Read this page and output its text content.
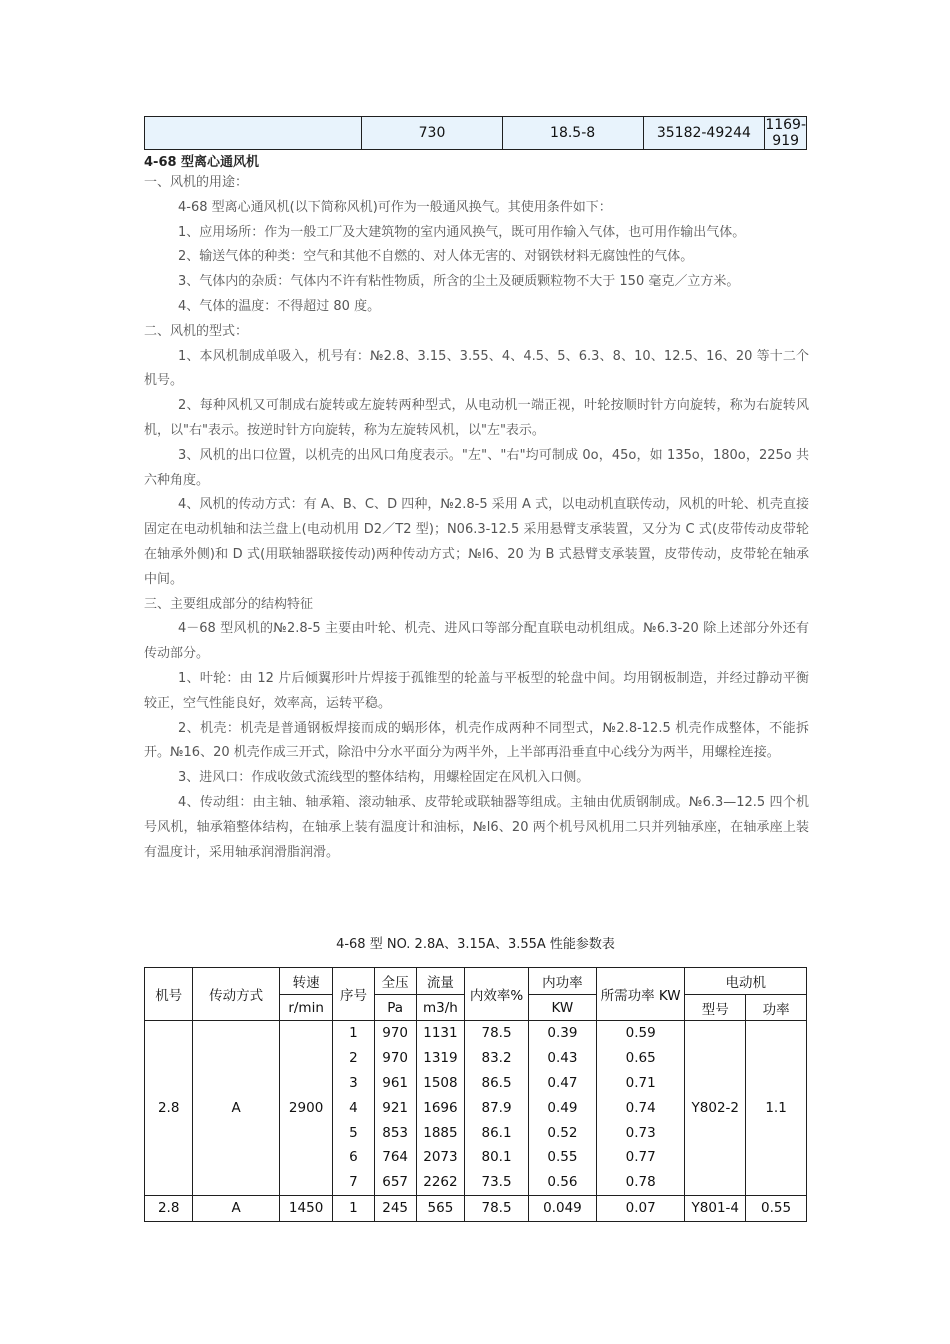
	730	18.5-8	35182-49244	1169-919
4-68 型离心通风机

一、风机的用途：

4-68 型离心通风机(以下简称风机)可作为一般通风换气。其使用条件如下：

1、应用场所：作为一般工厂及大建筑物的室内通风换气，既可用作输入气体，也可用作输出气体。

2、输送气体的种类：空气和其他不自燃的、对人体无害的、对钢铁材料无腐蚀性的气体。

3、气体内的杂质：气体内不许有粘性物质，所含的尘土及硬质颗粒物不大于 150 毫克／立方米。

4、气体的温度：不得超过 80 度。

二、风机的型式：

1、本风机制成单吸入，机号有：№2.8、3.15、3.55、4、4.5、5、6.3、8、10、12.5、16、20 等十二个机号。

2、每种风机又可制成右旋转或左旋转两种型式，从电动机一端正视，叶轮按顺时针方向旋转，称为右旋转风机，以"右"表示。按逆时针方向旋转，称为左旋转风机，以"左"表示。

3、风机的出口位置，以机壳的出风口角度表示。"左"、"右"均可制成 0o，45o，如 135o，180o，225o 共六种角度。

4、风机的传动方式：有 A、B、C、D 四种，№2.8-5 采用 A 式，以电动机直联传动，风机的叶轮、机壳直接固定在电动机轴和法兰盘上(电动机用 D2／T2 型)；N06.3-12.5 采用悬臂支承装置，又分为 C 式(皮带传动皮带轮在轴承外侧)和 D 式(用联轴器联接传动)两种传动方式；№l6、20 为 B 式悬臂支承装置，皮带传动，皮带轮在轴承中间。

三、主要组成部分的结构特征

4－68 型风机的№2.8-5 主要由叶轮、机壳、进风口等部分配直联电动机组成。№6.3-20 除上述部分外还有传动部分。

1、叶轮：由 12 片后倾翼形叶片焊接于孤锥型的轮盖与平板型的轮盘中间。均用钢板制造，并经过静动平衡较正，空气性能良好，效率高，运转平稳。

2、机壳：机壳是普通钢板焊接而成的蜗形体，机壳作成两种不同型式，№2.8-12.5 机壳作成整体，不能拆开。№16、20 机壳作成三开式，除沿中分水平面分为两半外，上半部再沿垂直中心线分为两半，用螺栓连接。

3、进风口：作成收敛式流线型的整体结构，用螺栓固定在风机入口侧。

4、传动组：由主轴、轴承箱、滚动轴承、皮带轮或联轴器等组成。主轴由优质钢制成。№6.3—12.5 四个机号风机，轴承箱整体结构，在轴承上装有温度计和油标，№l6、20 两个机号风机用二只并列轴承座，在轴承座上装有温度计，采用轴承润滑脂润滑。

4-68 型 NO. 2.8A、3.15A、3.55A 性能参数表
机号	传动方式	转速	序号	全压	流量	内效率%	内功率	所需功率 KW	电动机	
		r/min		Pa	m3/h		KW		型号	功率
2.8	A	2900	1	970	1131	78.5	0.39	0.59	Y802-2	1.1
			2	970	1319	83.2	0.43	0.65		
			3	961	1508	86.5	0.47	0.71		
			4	921	1696	87.9	0.49	0.74		
			5	853	1885	86.1	0.52	0.73		
			6	764	2073	80.1	0.55	0.77		
			7	657	2262	73.5	0.56	0.78		
2.8	A	1450	1	245	565	78.5	0.049	0.07	Y801-4	0.55
